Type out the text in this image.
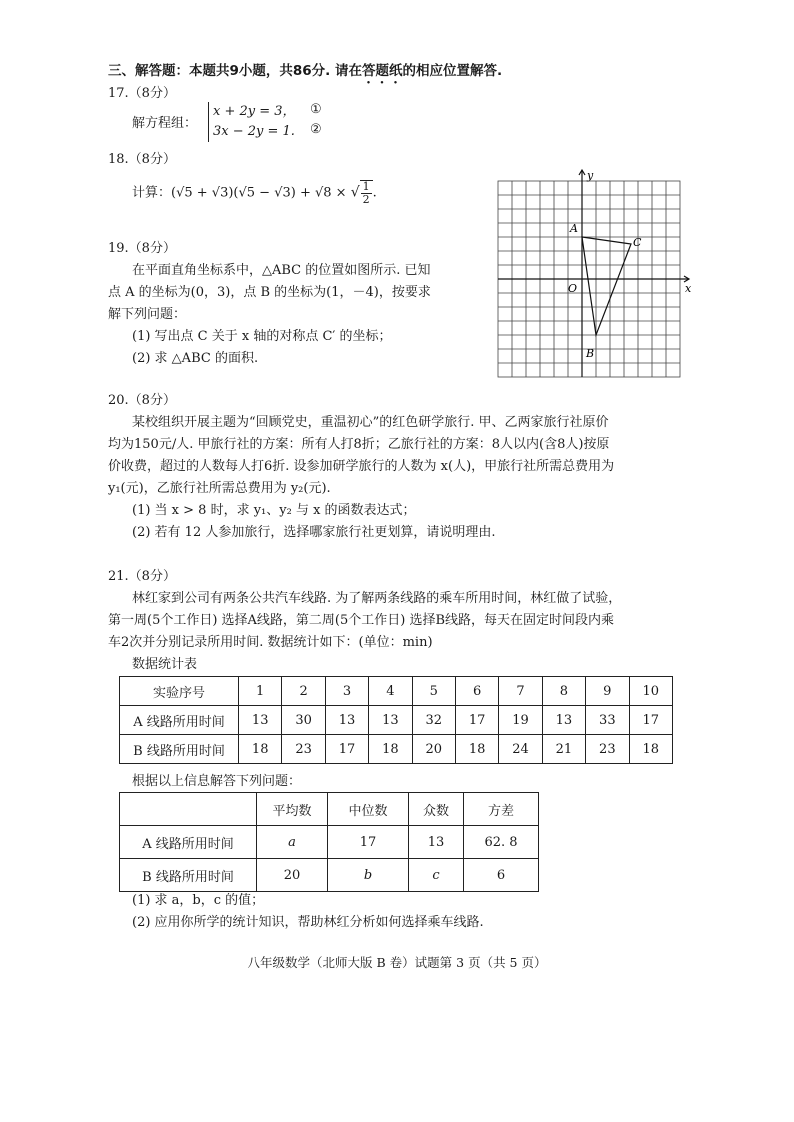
三、解答题：本题共9小题，共86分. 请在答题纸的相应位置解答.
17.（8分）
解方程组：
x + 2y = 3，
3x − 2y = 1.
①
②
18.（8分）
计算：(√5 + √3)(√5 − √3) + √8 × √ $\frac{1}{2}$ .
19.（8分）
在平面直角坐标系中，△ABC 的位置如图所示. 已知
点 A 的坐标为(0，3)，点 B 的坐标为(1，－4)，按要求
解下列问题：
(1) 写出点 C 关于 x 轴的对称点 C′ 的坐标；
(2) 求 △ABC 的面积.
x
y
O
A
B
C
20.（8分）
某校组织开展主题为“回顾党史，重温初心”的红色研学旅行. 甲、乙两家旅行社原价
均为150元/人. 甲旅行社的方案：所有人打8折；乙旅行社的方案：8人以内(含8人)按原
价收费，超过的人数每人打6折. 设参加研学旅行的人数为 x(人)，甲旅行社所需总费用为
y₁(元)，乙旅行社所需总费用为 y₂(元).
(1) 当 x > 8 时，求 y₁、y₂ 与 x 的函数表达式；
(2) 若有 12 人参加旅行，选择哪家旅行社更划算，请说明理由.
21.（8分）
林红家到公司有两条公共汽车线路. 为了解两条线路的乘车所用时间，林红做了试验，
第一周(5个工作日) 选择A线路，第二周(5个工作日) 选择B线路，每天在固定时间段内乘
车2次并分别记录所用时间. 数据统计如下：(单位：min)
数据统计表
实验序号	1	2	3	4	5	6	7	8	9	10
A 线路所用时间	13	30	13	13	32	17	19	13	33	17
B 线路所用时间	18	23	17	18	20	18	24	21	23	18
根据以上信息解答下列问题：
	平均数	中位数	众数	方差
A 线路所用时间	a	17	13	62. 8
B 线路所用时间	20	b	c	6
(1) 求 a，b，c 的值；
(2) 应用你所学的统计知识，帮助林红分析如何选择乘车线路.
八年级数学（北师大版 B 卷）试题第 3 页（共 5 页）
